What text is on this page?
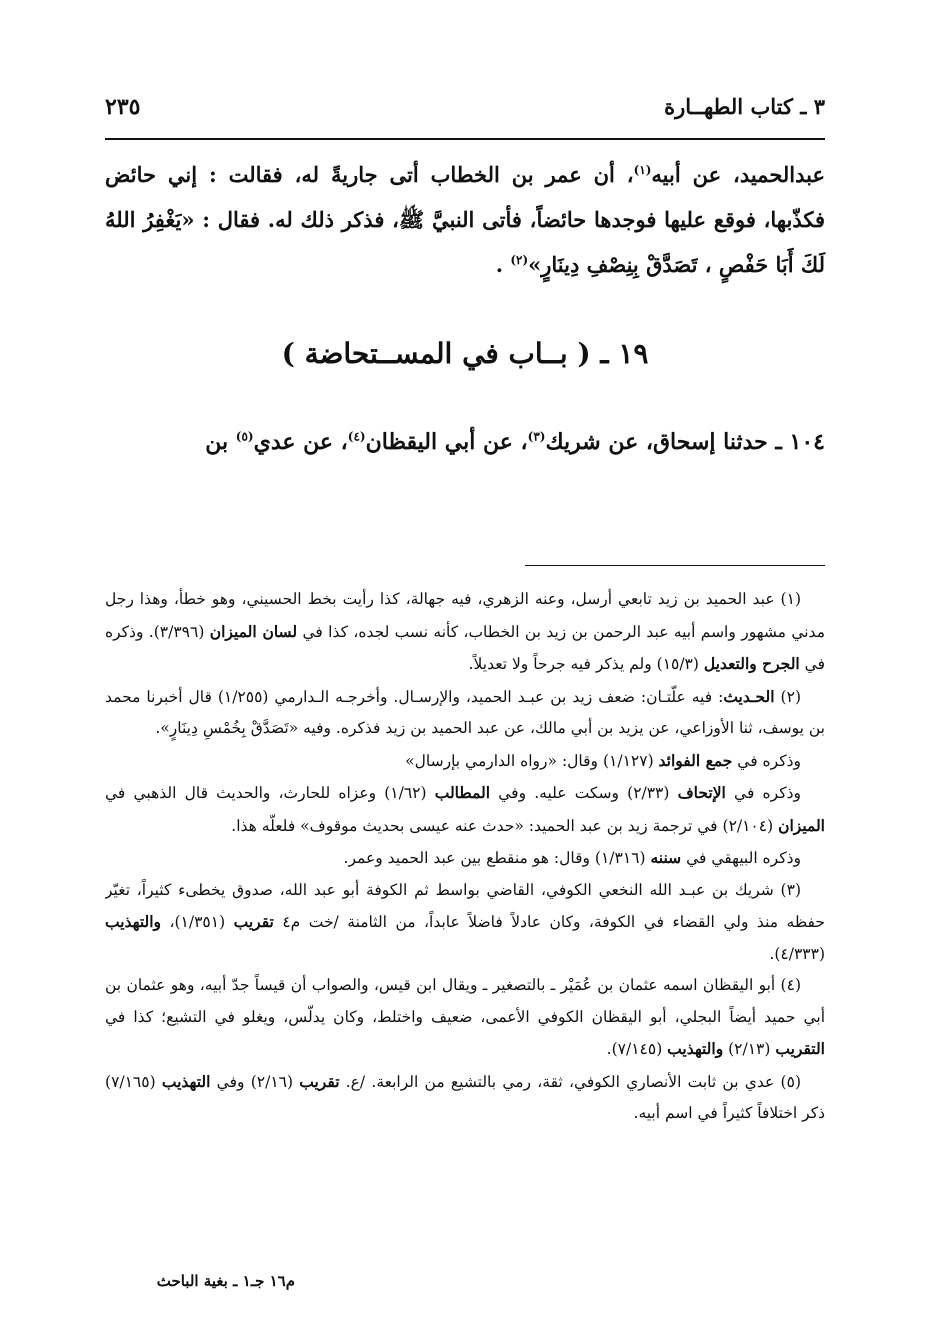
٣ ـ كتاب الطهــارة
٢٣٥

عبدالحميد، عن أبيه$^{(١)}$، أن عمر بن الخطاب أتى جاريةً له، فقالت : إني حائض فكذّبها، فوقع عليها فوجدها حائضاً، فأتى النبيَّ ﷺ، فذكر ذلك له. فقال : «يَغْفِرُ اللهُ لَكَ أَبَا حَفْصٍ ، تَصَدَّقْ بِنِصْفِ دِينَارٍ»$^{(٢)}$ .

١٩ ـ ( بــاب في المســتحاضة )
١٠٤ ـ حدثنا إسحاق، عن شريك$^{(٣)}$، عن أبي اليقظان$^{(٤)}$، عن عدي$^{(٥)}$ بن

(١) عبد الحميد بن زيد تابعي أرسل، وعنه الزهري، فيه جهالة، كذا رأيت بخط الحسيني، وهو خطأ، وهذا رجل مدني مشهور واسم أبيه عبد الرحمن بن زيد بن الخطاب، كأنه نسب لجده، كذا في لسان الميزان (٣/٣٩٦). وذكره في الجرح والتعديل (١٥/٣) ولم يذكر فيه جرحاً ولا تعديلاً.

(٢) الحـديث: فيه علّتـان: ضعف زيد بن عبـد الحميد، والإرسـال. وأخرجـه الـدارمي (١/٢٥٥) قال أخبرنا محمد بن يوسف، ثنا الأوزاعي، عن يزيد بن أبي مالك، عن عبد الحميد بن زيد فذكره. وفيه «تَصَدَّقْ بِخُمْسِ دِينَارٍ».

وذكره في جمع الفوائد (١/١٢٧) وقال: «رواه الدارمي بإرسال»

وذكره في الإتحاف (٢/٣٣) وسكت عليه. وفي المطالب (١/٦٢) وعزاه للحارث، والحديث قال الذهبي في الميزان (٢/١٠٤) في ترجمة زيد بن عبد الحميد: «حدث عنه عيسى بحديث موقوف» فلعلّه هذا.

وذكره البيهقي في سننه (١/٣١٦) وقال: هو منقطع بين عبد الحميد وعمر.

(٣) شريك بن عبـد الله النخعي الكوفي، القاضي بواسط ثم الكوفة أبو عبد الله، صدوق يخطىء كثيراً، تغيّر حفظه منذ ولي القضاء في الكوفة، وكان عادلاً فاضلاً عابداً، من الثامنة /خت م٤ تقريب (١/٣٥١)، والتهذيب (٤/٣٣٣).

(٤) أبو اليقظان اسمه عثمان بن عُمَيْر ـ بالتصغير ـ ويقال ابن قيس، والصواب أن قيساً جدّ أبيه، وهو عثمان بن أبي حميد أيضاً البجلي، أبو اليقظان الكوفي الأعمى، ضعيف واختلط، وكان يدلّس، ويغلو في التشيع؛ كذا في التقريب (٢/١٣) والتهذيب (٧/١٤٥).

(٥) عدي بن ثابت الأنصاري الكوفي، ثقة، رمي بالتشيع من الرابعة. /ع. تقريب (٢/١٦) وفي التهذيب (٧/١٦٥) ذكر اختلافاً كثيراً في اسم أبيه.

م١٦ جـ١ ـ بغية الباحث
